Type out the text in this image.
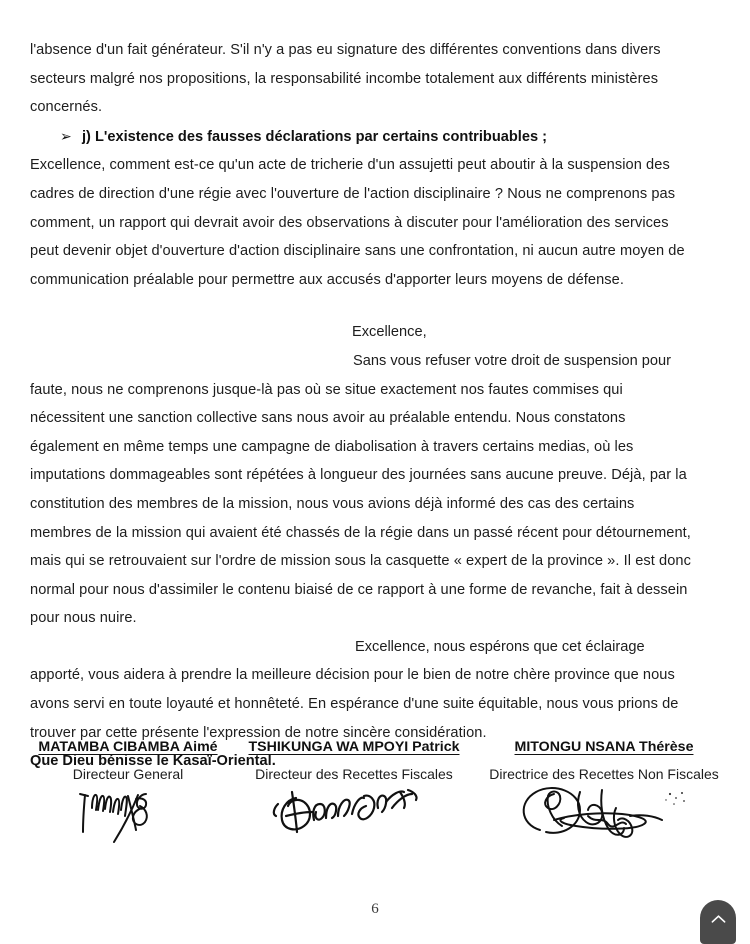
l'absence d'un fait générateur. S'il n'y a pas eu signature des différentes conventions dans divers secteurs malgré nos propositions, la responsabilité incombe totalement aux différents ministères concernés.

➢ j) L'existence des fausses déclarations par certains contribuables ;

Excellence, comment est-ce qu'un acte de tricherie d'un assujetti peut aboutir à la suspension des cadres de direction d'une régie avec l'ouverture de l'action disciplinaire ? Nous ne comprenons pas comment, un rapport qui devrait avoir des observations à discuter pour l'amélioration des services peut devenir objet d'ouverture d'action disciplinaire sans une confrontation, ni aucun autre moyen de communication préalable pour permettre aux accusés d'apporter leurs moyens de défense.

Excellence,

Sans vous refuser votre droit de suspension pour

faute, nous ne comprenons jusque-là pas où se situe exactement nos fautes commises qui nécessitent une sanction collective sans nous avoir au préalable entendu. Nous constatons également en même temps une campagne de diabolisation à travers certains medias, où les imputations dommageables sont répétées à longueur des journées sans aucune preuve. Déjà, par la constitution des membres de la mission, nous vous avions déjà informé des cas des certains membres de la mission qui avaient été chassés de la régie dans un passé récent pour détournement, mais qui se retrouvaient sur l'ordre de mission sous la casquette « expert de la province ». Il est donc normal pour nous d'assimiler le contenu biaisé de ce rapport à une forme de revanche, fait à dessein pour nous nuire.

Excellence, nous espérons que cet éclairage

apporté, vous aidera à prendre la meilleure décision pour le bien de notre chère province que nous avons servi en toute loyauté et honnêteté. En espérance d'une suite équitable, nous vous prions de trouver par cette présente l'expression de notre sincère considération.

Que Dieu bénisse le Kasaï-Oriental.

MATAMBA CIBAMBA Aimé
Directeur General
TSHIKUNGA WA MPOYI Patrick
Directeur des Recettes Fiscales
MITONGU NSANA Thérèse
Directrice des Recettes Non Fiscales
6
